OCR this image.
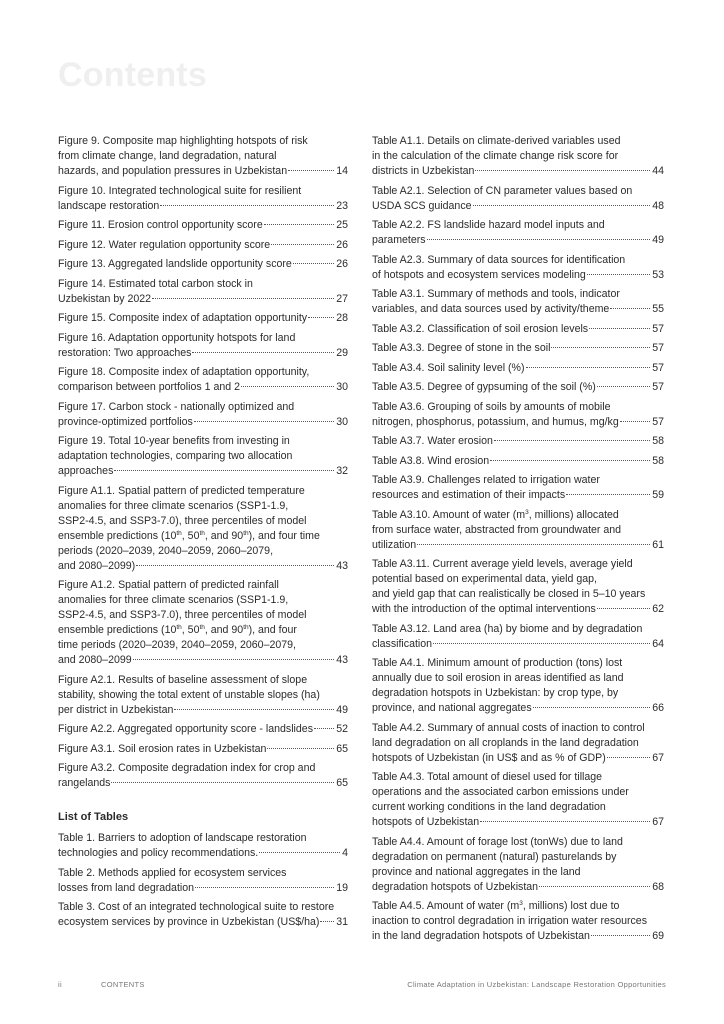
Contents
Figure 9. Composite map highlighting hotspots of risk
from climate change, land degradation, natural
hazards, and population pressures in Uzbekistan	14
Figure 10. Integrated technological suite for resilient
landscape restoration	23
Figure 11. Erosion control opportunity score	25
Figure 12. Water regulation opportunity score	26
Figure 13. Aggregated landslide opportunity score	26
Figure 14. Estimated total carbon stock in
Uzbekistan by 2022	27
Figure 15. Composite index of adaptation opportunity	28
Figure 16. Adaptation opportunity hotspots for land
restoration: Two approaches	29
Figure 18. Composite index of adaptation opportunity,
comparison between portfolios 1 and 2	30
Figure 17. Carbon stock - nationally optimized and
province-optimized portfolios	30
Figure 19. Total 10-year benefits from investing in
adaptation technologies, comparing two allocation
approaches	32
Figure A1.1. Spatial pattern of predicted temperature
anomalies for three climate scenarios (SSP1-1.9,
SSP2-4.5, and SSP3-7.0), three percentiles of model
ensemble predictions (10th, 50th, and 90th), and four time
periods (2020–2039, 2040–2059, 2060–2079,
and 2080–2099)	43
Figure A1.2. Spatial pattern of predicted rainfall
anomalies for three climate scenarios (SSP1-1.9,
SSP2-4.5, and SSP3-7.0), three percentiles of model
ensemble predictions (10th, 50th, and 90th), and four
time periods (2020–2039, 2040–2059, 2060–2079,
and 2080–2099	43
Figure A2.1. Results of baseline assessment of slope
stability, showing the total extent of unstable slopes (ha)
per district in Uzbekistan	49
Figure A2.2. Aggregated opportunity score - landslides 52
Figure A3.1. Soil erosion rates in Uzbekistan	65
Figure A3.2. Composite degradation index for crop and
rangelands	65
List of Tables
Table 1. Barriers to adoption of landscape restoration
technologies and policy recommendations.	4
Table 2. Methods applied for ecosystem services
losses from land degradation	19
Table 3. Cost of an integrated technological suite to restore
ecosystem services by province in Uzbekistan (US$/ha) 31
Table A1.1. Details on climate-derived variables used
in the calculation of the climate change risk score for
districts in Uzbekistan	44
Table A2.1. Selection of CN parameter values based on
USDA SCS guidance	48
Table A2.2. FS landslide hazard model inputs and
parameters	49
Table A2.3. Summary of data sources for identification
of hotspots and ecosystem services modeling	53
Table A3.1. Summary of methods and tools, indicator
variables, and data sources used by activity/theme	55
Table A3.2. Classification of soil erosion levels	57
Table A3.3. Degree of stone in the soil	57
Table A3.4. Soil salinity level (%)	57
Table A3.5. Degree of gypsuming of the soil (%)	57
Table A3.6. Grouping of soils by amounts of mobile
nitrogen, phosphorus, potassium, and humus, mg/kg	57
Table A3.7. Water erosion	58
Table A3.8. Wind erosion	58
Table A3.9. Challenges related to irrigation water
resources and estimation of their impacts	59
Table A3.10. Amount of water ($m^3$, millions) allocated
from surface water, abstracted from groundwater and
utilization	61
Table A3.11. Current average yield levels, average yield
potential based on experimental data, yield gap,
and yield gap that can realistically be closed in 5–10 years
with the introduction of the optimal interventions	62
Table A3.12. Land area (ha) by biome and by degradation
classification	64
Table A4.1. Minimum amount of production (tons) lost
annually due to soil erosion in areas identified as land
degradation hotspots in Uzbekistan: by crop type, by
province, and national aggregates	66
Table A4.2. Summary of annual costs of inaction to control
land degradation on all croplands in the land degradation
hotspots of Uzbekistan (in US$ and as % of GDP)	67
Table A4.3. Total amount of diesel used for tillage
operations and the associated carbon emissions under
current working conditions in the land degradation
hotspots of Uzbekistan	67
Table A4.4. Amount of forage lost (tonWs) due to land
degradation on permanent (natural) pasturelands by
province and national aggregates in the land
degradation hotspots of Uzbekistan	68
Table A4.5. Amount of water ($m^3$, millions) lost due to
inaction to control degradation in irrigation water resources
in the land degradation hotspots of Uzbekistan	69
ii	CONTENTS	Climate Adaptation in Uzbekistan: Landscape Restoration Opportunities
